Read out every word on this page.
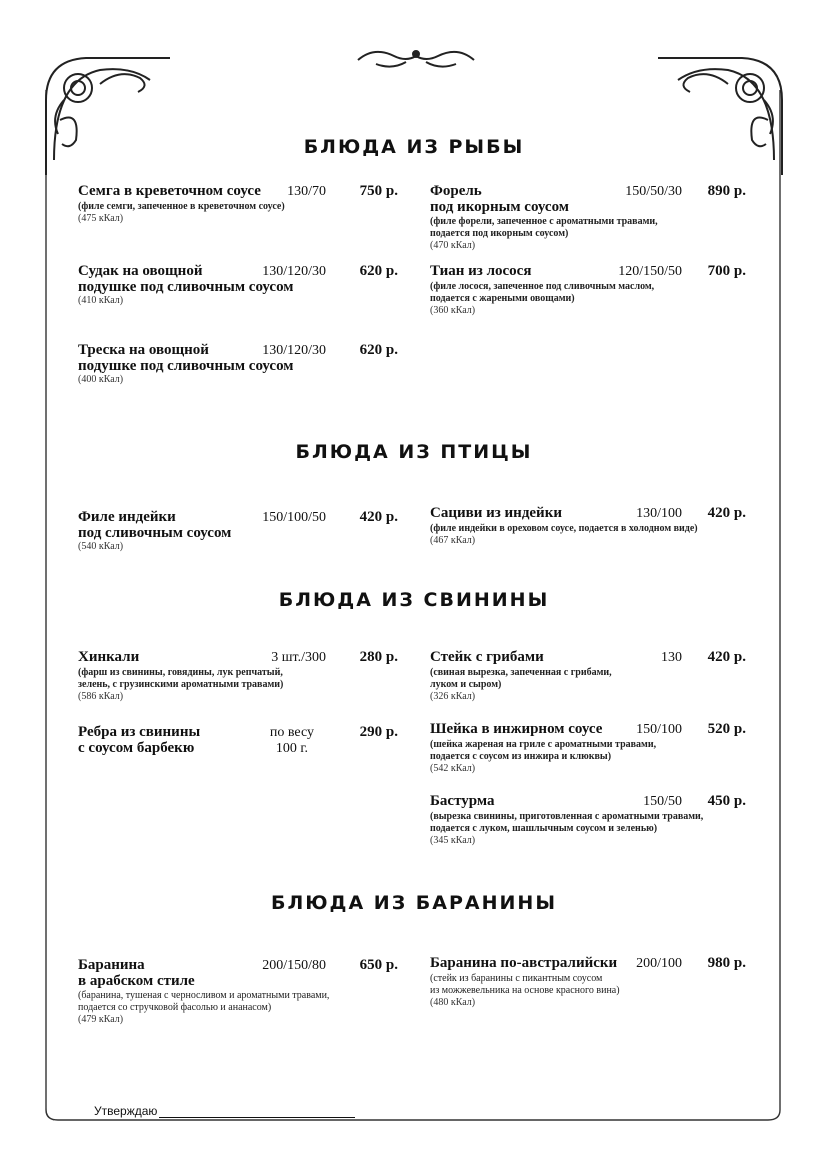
БЛЮДА ИЗ РЫБЫ
БЛЮДА ИЗ ПТИЦЫ
БЛЮДА ИЗ СВИНИНЫ
БЛЮДА ИЗ БАРАНИНЫ
Семга в креветочном соусе 130/70 750 р.
(филе семги, запеченное в креветочном соусе)
(475 кКал)
Форель	150/50/30 890 р.
под икорным соусом
(филе форели, запеченное с ароматными травами,
подается под икорным соусом)
(470 кКал)
Судак на овощной	130/120/30 620 р.
подушке под сливочным соусом
(410 кКал)
Тиан из лосося	120/150/50 700 р.
(филе лосося, запеченное под сливочным маслом,
подается с жареными овощами)
(360 кКал)
Треска на овощной	130/120/30 620 р.
подушке под сливочным соусом
(400 кКал)
Филе индейки	150/100/50 420 р.
под сливочным соусом
(540 кКал)
Сациви из индейки	130/100 420 р.
(филе индейки в ореховом соусе, подается в холодном виде)
(467 кКал)
Хинкали	3 шт./300 280 р.
(фарш из свинины, говядины, лук репчатый,
зелень, с грузинскими ароматными травами)
(586 кКал)
Стейк с грибами	130 420 р.
(свиная вырезка, запеченная с грибами,
луком и сыром)
(326 кКал)
Ребра из свинины	по весу	290 р.
с соусом барбекю	100 г.
Шейка в инжирном соусе 150/100 520 р.
(шейка жареная на гриле с ароматными травами,
подается с соусом из инжира и клюквы)
(542 кКал)
Бастурма	150/50 450 р.
(вырезка свинины, приготовленная с ароматными травами,
подается с луком, шашлычным соусом и зеленью)
(345 кКал)
Баранина	200/150/80 650 р.
в арабском стиле
(баранина, тушеная с черносливом и ароматными травами,
подается со стручковой фасолью и ананасом)
(479 кКал)
Баранина по-австралийски 200/100 980 р.
(стейк из баранины с пикантным соусом
из можжевельника на основе красного вина)
(480 кКал)
Утверждаю
